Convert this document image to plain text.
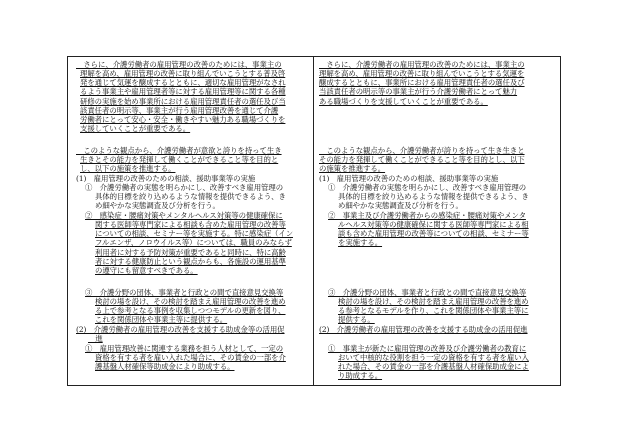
　さらに、介護労働者の雇用管理の改善のためには、事業主の
理解を高め、雇用管理の改善に取り組んでいこうとする普及啓
発を通じて気運を醸成するとともに、適切な雇用管理がなされ
るよう事業主や雇用管理者等に対する雇用管理等に関する各種
研修の実施を始め事業所における雇用管理責任者の選任及び当
該責任者の明示等、事業主が行う雇用管理改善を通じて介護
労働者にとって安心・安全・働きやすい魅力ある職場づくりを
支援していくことが重要である。
　このような観点から、介護労働者が意欲と誇りを持って生き
生きとその能力を発揮して働くことができること等を目的と
し、以下の施策を推進する。
(1)　雇用管理の改善のための相談、援助事業等の実施
①　介護労働者の実態を明らかにし、改善すべき雇用管理の
具体的目標を絞り込めるような情報を提供できるよう、き
め細やかな実態調査及び分析を行う。
②　感染症・腰痛対策やメンタルヘルス対策等の健康確保に
関する医師等専門家による相談も含めた雇用管理の改善等
についての相談、セミナー等を実施する。特に感染症（イン
フルエンザ、ノロウイルス等）については、職員のみならず
利用者に対する予防対策が重要であると同時に、特に高齢
者に対する健康防止という観点からも、各施設の運用基準
の遵守にも留意すべきである。
③　介護分野の団体、事業者と行政との間で直接意見交換等
検討の場を設け、その検討を踏まえ雇用管理の改善を進め
る上で参考となる事例を収集しつつモデルの更新を図り、
これを関係団体や事業主等に提供する。
(2)　介護労働者の雇用管理の改善を支援する助成金等の活用促
　進
①　雇用管理改善に関連する業務を担う人材として、一定の
資格を有する者を雇い入れた場合に、その賃金の一部を介
護基盤人材確保等助成金により助成する。
　さらに、介護労働者の雇用管理の改善のためには、事業主の
理解を高め、雇用管理の改善に取り組んでいこうとする気運を
醸成するとともに、事業所における雇用管理責任者の選任及び
当該責任者の明示等の事業主が行う介護労働者にとって魅力
ある職場づくりを支援していくことが重要である。
　このような観点から、介護労働者が誇りを持って生き生きと
その能力を発揮して働くことができること等を目的とし、以下
の施策を推進する。
(1)　雇用管理の改善のための相談、援助事業等の実施
①　介護労働者の実態を明らかにし、改善すべき雇用管理の
具体的目標を絞り込めるような情報を提供できるよう、き
め細やかな実態調査及び分析を行う。
②　事業主及び介護労働者からの感染症・腰痛対策やメンタ
ルヘルス対策等の健康確保に関する医師等専門家による相
談も含めた雇用管理の改善等についての相談、セミナー等
を実施する。
③　介護分野の団体、事業者と行政との間で直接意見交換等
検討の場を設け、その検討を踏まえ雇用管理の改善を進め
る参考となるモデルを作り、これを関係団体や事業主等に
提供する。
(2)　介護労働者の雇用管理の改善を支援する助成金の活用促進
①　事業主が新たに雇用管理の改善及び介護労働者の教育に
おいて中核的な役割を担う一定の資格を有する者を雇い入
れた場合、その賃金の一部を介護基盤人材確保助成金によ
り助成する。
